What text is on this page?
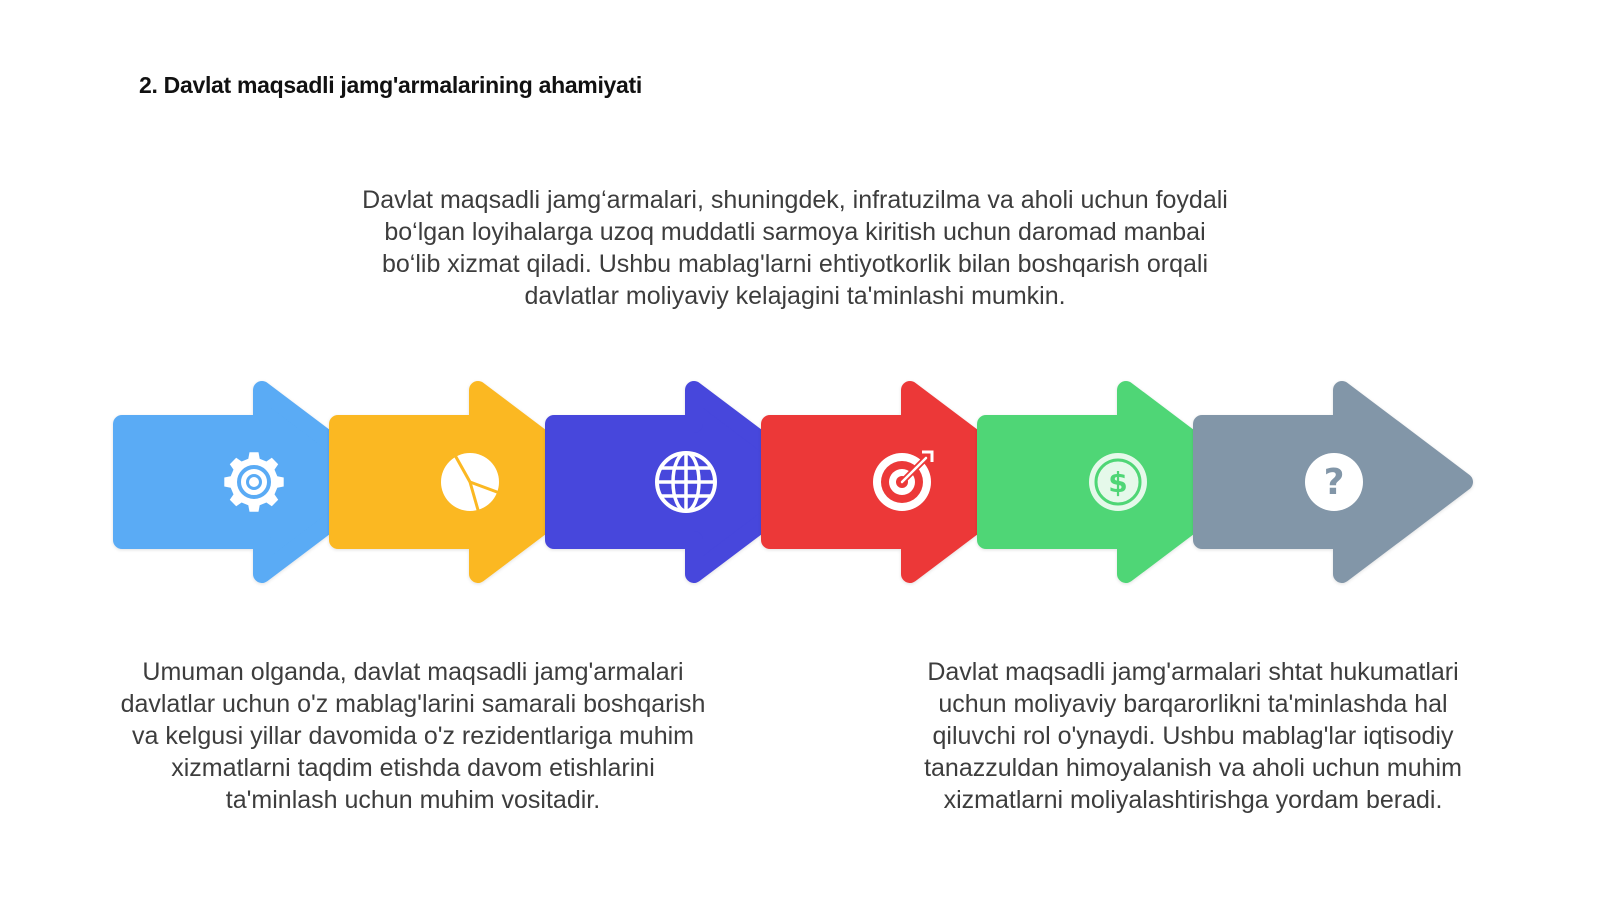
2. Davlat maqsadli jamg'armalarining ahamiyati
Davlat maqsadli jamg‘armalari, shuningdek, infratuzilma va aholi uchun foydali bo‘lgan loyihalarga uzoq muddatli sarmoya kiritish uchun daromad manbai bo‘lib xizmat qiladi. Ushbu mablag'larni ehtiyotkorlik bilan boshqarish orqali davlatlar moliyaviy kelajagini ta'minlashi mumkin.
$	?
Umuman olganda, davlat maqsadli jamg'armalari davlatlar uchun o'z mablag'larini samarali boshqarish va kelgusi yillar davomida o'z rezidentlariga muhim xizmatlarni taqdim etishda davom etishlarini ta'minlash uchun muhim vositadir.
Davlat maqsadli jamg'armalari shtat hukumatlari uchun moliyaviy barqarorlikni ta'minlashda hal qiluvchi rol o'ynaydi. Ushbu mablag'lar iqtisodiy tanazzuldan himoyalanish va aholi uchun muhim xizmatlarni moliyalashtirishga yordam beradi.
